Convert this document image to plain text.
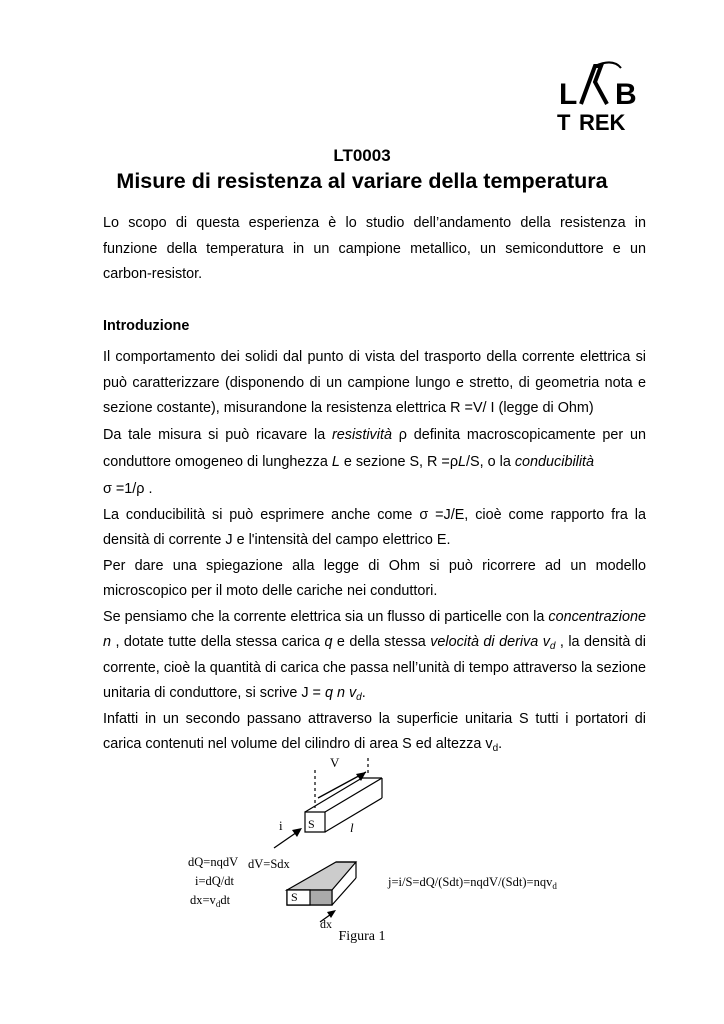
L B
T REK
LT0003
Misure di resistenza al variare della temperatura
Lo scopo di questa esperienza è lo studio dell’andamento della resistenza in funzione della temperatura in un campione metallico, un semiconduttore e un carbon-resistor.
Introduzione
Il comportamento dei solidi dal punto di vista del trasporto della corrente elettrica si può caratterizzare (disponendo di un campione lungo e stretto, di geometria nota e sezione costante), misurandone la resistenza elettrica R =V/ I (legge di Ohm)
Da tale misura si può ricavare la resistività ρ definita macroscopicamente per un conduttore omogeneo di lunghezza L e sezione S, R =ρL/S, o la conducibilità
σ =1/ρ .
La conducibilità si può esprimere anche come σ =J/E, cioè come rapporto fra la densità di corrente J e l'intensità del campo elettrico E.
Per dare una spiegazione alla legge di Ohm si può ricorrere ad un modello microscopico per il moto delle cariche nei conduttori.
Se pensiamo che la corrente elettrica sia un flusso di particelle con la concentrazione n , dotate tutte della stessa carica q e della stessa velocità di deriva $v_d$ , la densità di corrente, cioè la quantità di carica che passa nell’unità di tempo attraverso la sezione unitaria di conduttore, si scrive J = q n $v_d$.
Infatti in un secondo passano attraverso la superficie unitaria S tutti i portatori di carica contenuti nel volume del cilindro di area S ed altezza $v_d$.
V
i S	l
dQ=nqdV
i=dQ/dt
$dx=v_ddt$
dV=Sdx
S
dx
j=i/S=dQ/(Sdt)=nqdV/(Sdt)=nqv$_d$
Figura 1
